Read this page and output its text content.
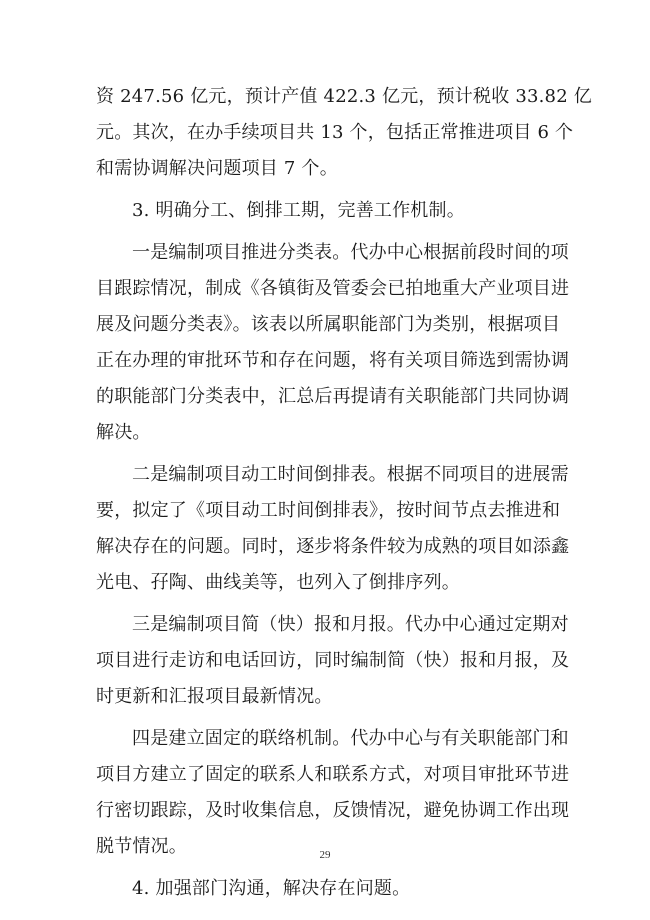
资 247.56 亿元，预计产值 422.3 亿元，预计税收 33.82 亿
元。其次，在办手续项目共 13 个，包括正常推进项目 6 个
和需协调解决问题项目 7 个。
3. 明确分工、倒排工期，完善工作机制。
一是编制项目推进分类表。代办中心根据前段时间的项
目跟踪情况，制成《各镇街及管委会已拍地重大产业项目进
展及问题分类表》。该表以所属职能部门为类别，根据项目
正在办理的审批环节和存在问题，将有关项目筛选到需协调
的职能部门分类表中，汇总后再提请有关职能部门共同协调
解决。
二是编制项目动工时间倒排表。根据不同项目的进展需
要，拟定了《项目动工时间倒排表》，按时间节点去推进和
解决存在的问题。同时，逐步将条件较为成熟的项目如添鑫
光电、孖陶、曲线美等，也列入了倒排序列。
三是编制项目简（快）报和月报。代办中心通过定期对
项目进行走访和电话回访，同时编制简（快）报和月报，及
时更新和汇报项目最新情况。
四是建立固定的联络机制。代办中心与有关职能部门和
项目方建立了固定的联系人和联系方式，对项目审批环节进
行密切跟踪，及时收集信息，反馈情况，避免协调工作出现
脱节情况。
4. 加强部门沟通，解决存在问题。
29
